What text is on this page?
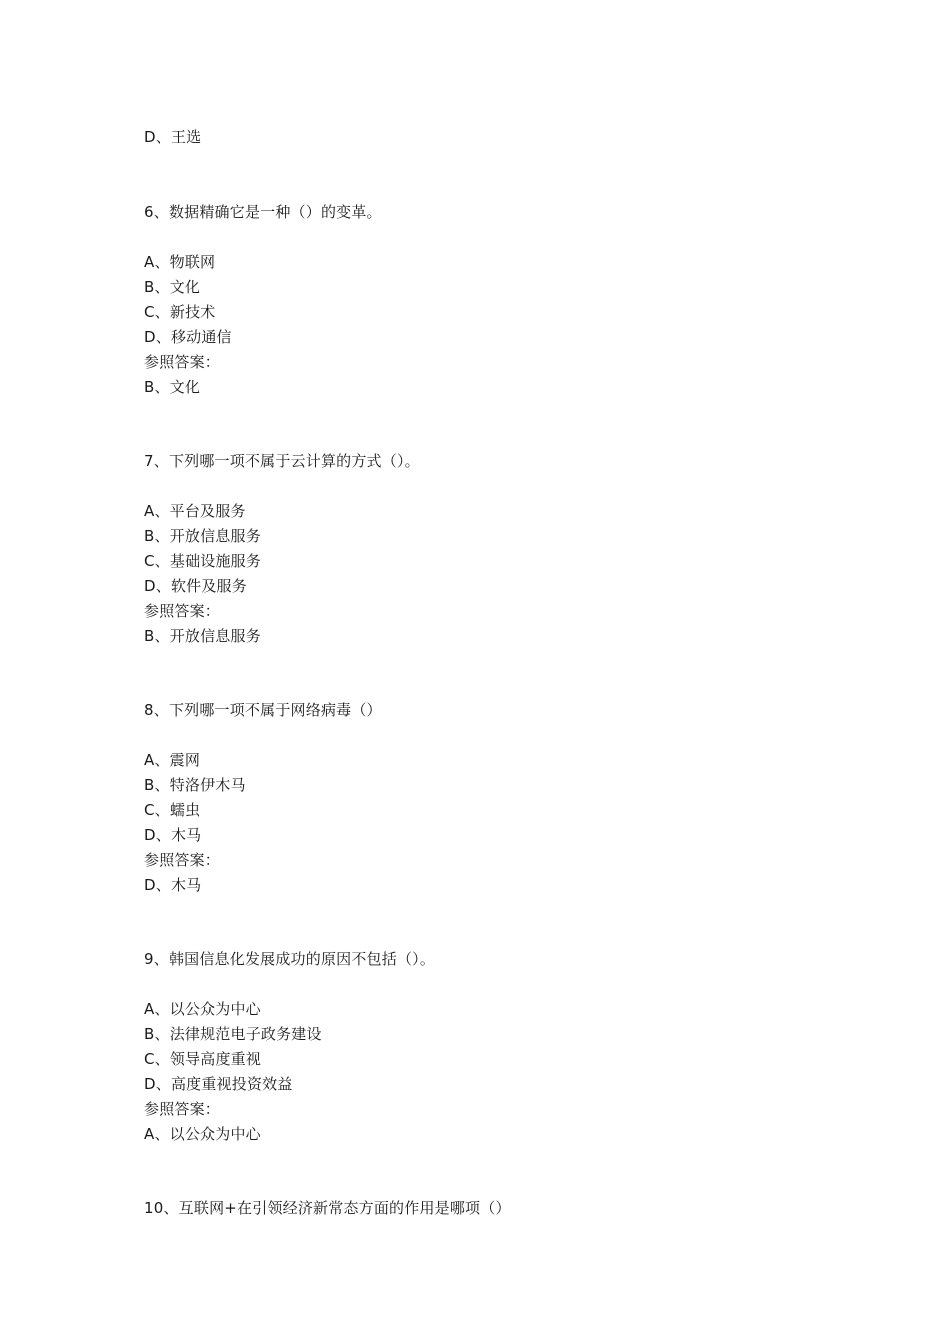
D、王选
6、数据精确它是一种（）的变革。
A、物联网
B、文化
C、新技术
D、移动通信
参照答案：
B、文化
7、下列哪一项不属于云计算的方式（）。
A、平台及服务
B、开放信息服务
C、基础设施服务
D、软件及服务
参照答案：
B、开放信息服务
8、下列哪一项不属于网络病毒（）
A、震网
B、特洛伊木马
C、蠕虫
D、木马
参照答案：
D、木马
9、韩国信息化发展成功的原因不包括（）。
A、以公众为中心
B、法律规范电子政务建设
C、领导高度重视
D、高度重视投资效益
参照答案：
A、以公众为中心
10、互联网+在引领经济新常态方面的作用是哪项（）
